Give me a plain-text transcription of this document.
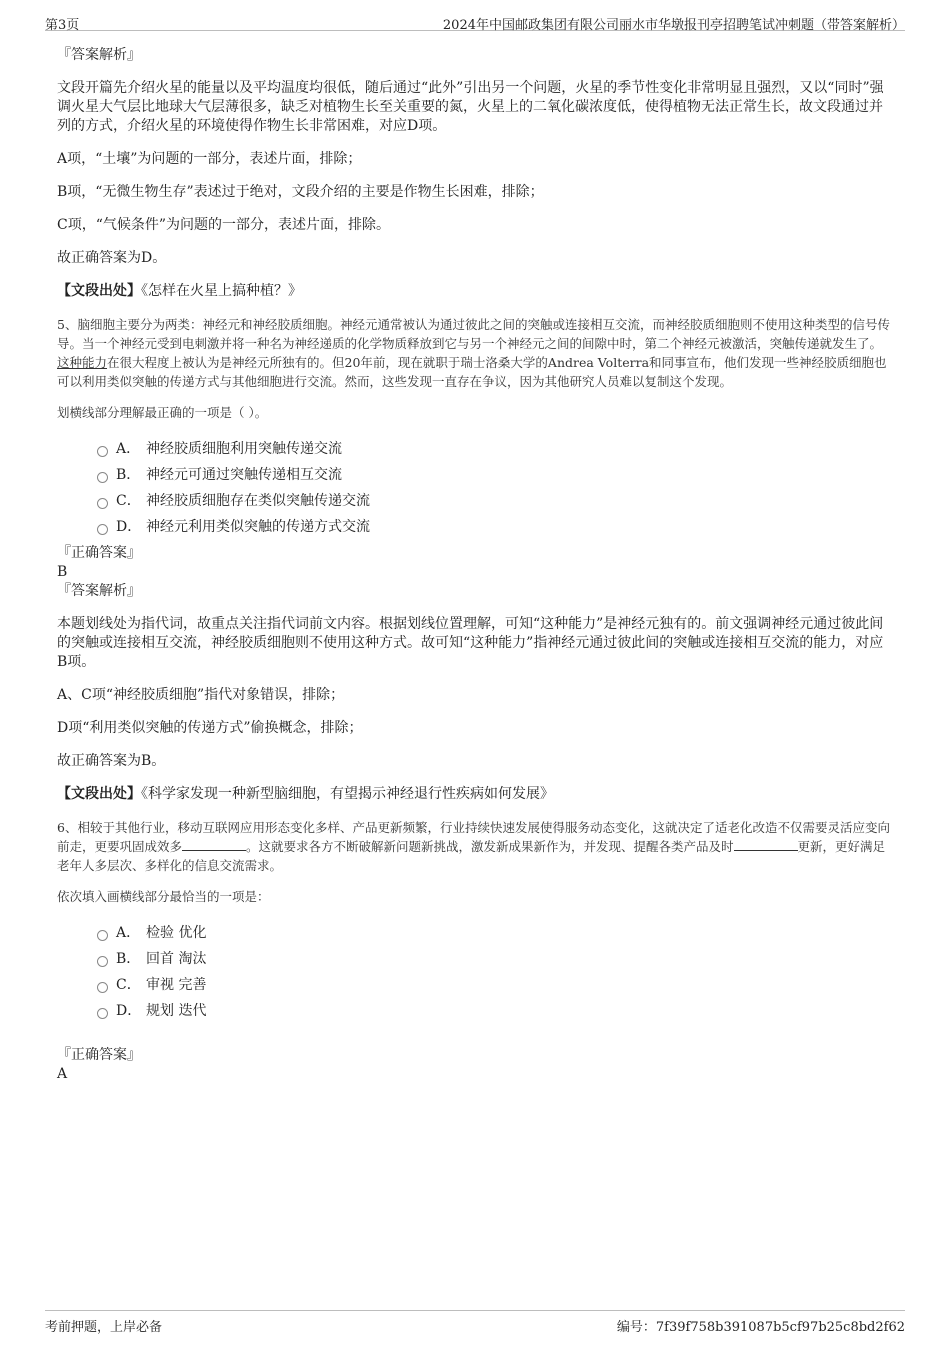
第3页	2024年中国邮政集团有限公司丽水市华墩报刊亭招聘笔试冲刺题（带答案解析）

『答案解析』

文段开篇先介绍火星的能量以及平均温度均很低，随后通过“此外”引出另一个问题，火星的季节性变化非常明显且强烈，又以“同时”强调火星大气层比地球大气层薄很多，缺乏对植物生长至关重要的氮，火星上的二氧化碳浓度低，使得植物无法正常生长，故文段通过并列的方式，介绍火星的环境使得作物生长非常困难，对应D项。

A项，“土壤”为问题的一部分，表述片面，排除；

B项，“无微生物生存”表述过于绝对，文段介绍的主要是作物生长困难，排除；

C项，“气候条件”为问题的一部分，表述片面，排除。

故正确答案为D。

【文段出处】《怎样在火星上搞种植？》

5、脑细胞主要分为两类：神经元和神经胶质细胞。神经元通常被认为通过彼此之间的突触或连接相互交流，而神经胶质细胞则不使用这种类型的信号传导。当一个神经元受到电刺激并将一种名为神经递质的化学物质释放到它与另一个神经元之间的间隙中时，第二个神经元被激活，突触传递就发生了。 这种能力在很大程度上被认为是神经元所独有的。但20年前，现在就职于瑞士洛桑大学的Andrea Volterra和同事宣布，他们发现一些神经胶质细胞也可以利用类似突触的传递方式与其他细胞进行交流。然而，这些发现一直存在争议，因为其他研究人员难以复制这个发现。

划横线部分理解最正确的一项是（ ）。

A． 神经胶质细胞利用突触传递交流
B． 神经元可通过突触传递相互交流
C． 神经胶质细胞存在类似突触传递交流
D． 神经元利用类似突触的传递方式交流

『正确答案』

B

『答案解析』

本题划线处为指代词，故重点关注指代词前文内容。根据划线位置理解，可知“这种能力”是神经元独有的。前文强调神经元通过彼此间的突触或连接相互交流，神经胶质细胞则不使用这种方式。故可知“这种能力”指神经元通过彼此间的突触或连接相互交流的能力，对应B项。

A、C项“神经胶质细胞”指代对象错误，排除；

D项“利用类似突触的传递方式”偷换概念，排除；

故正确答案为B。

【文段出处】《科学家发现一种新型脑细胞，有望揭示神经退行性疾病如何发展》

6、相较于其他行业，移动互联网应用形态变化多样、产品更新频繁，行业持续快速发展使得服务动态变化，这就决定了适老化改造不仅需要灵活应变向前走，更要巩固成效多	。这就要求各方不断破解新问题新挑战，激发新成果新作为，并发现、提醒各类产品及时	更新，更好满足老年人多层次、多样化的信息交流需求。

依次填入画横线部分最恰当的一项是：

A． 检验 优化
B． 回首 淘汰
C． 审视 完善
D． 规划 迭代

『正确答案』

A

考前押题，上岸必备	编号：7f39f758b391087b5cf97b25c8bd2f62
